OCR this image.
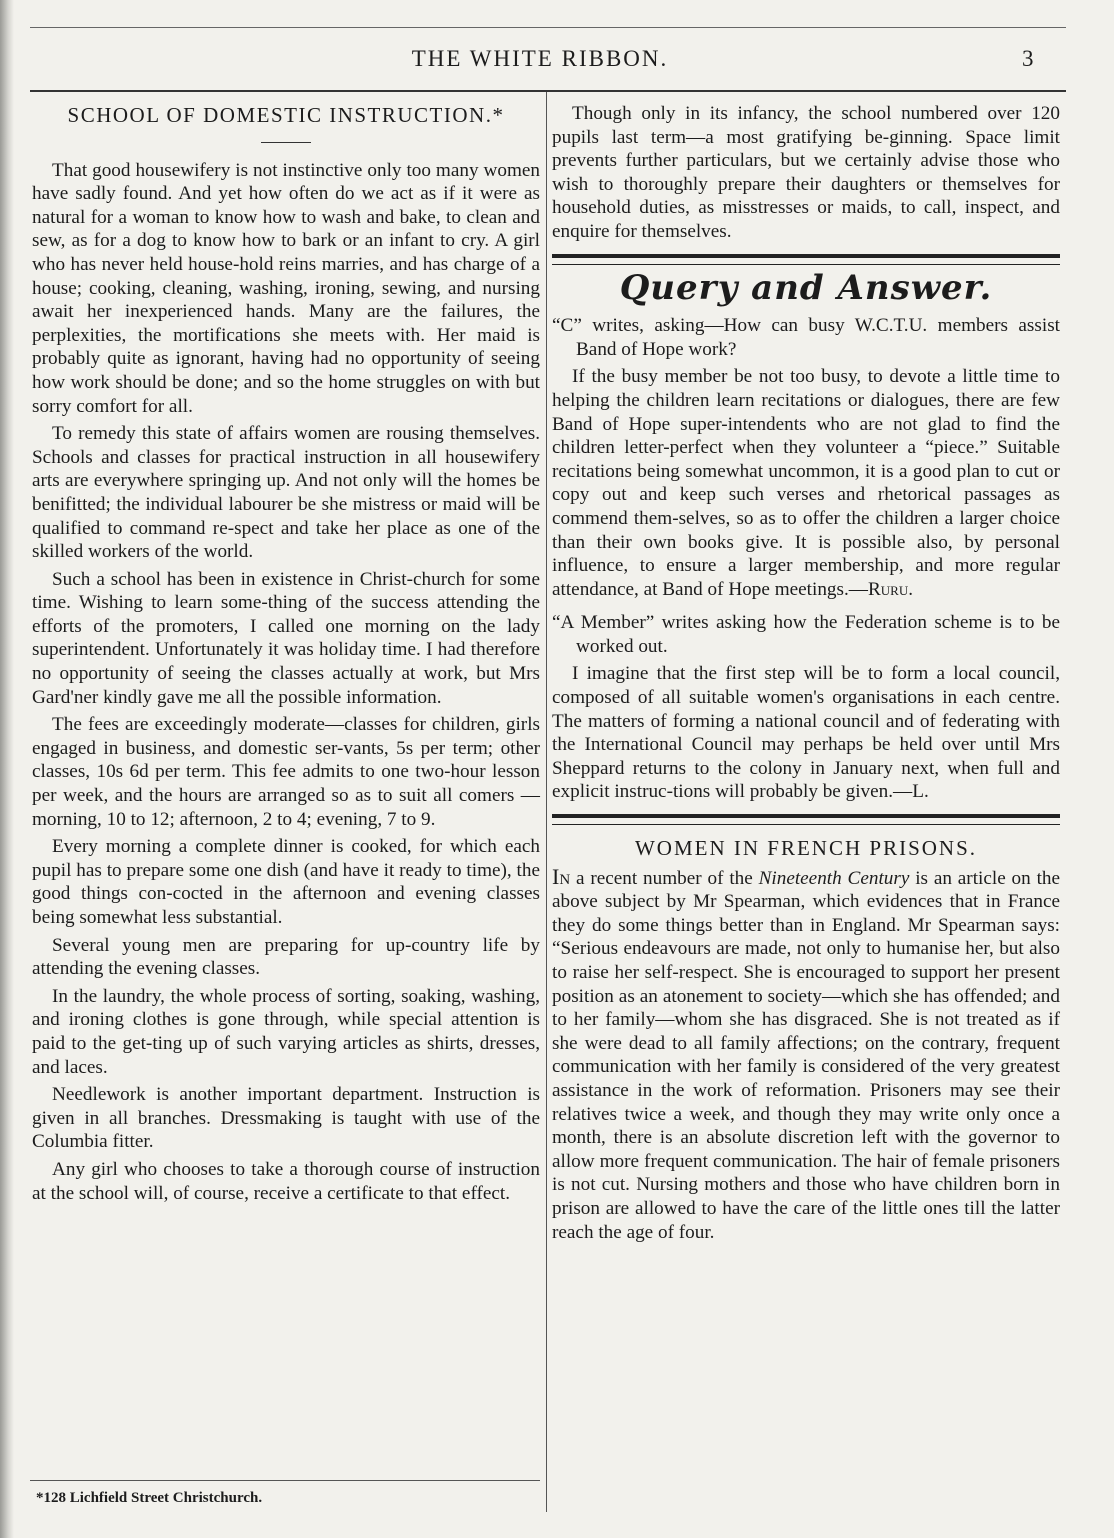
THE WHITE RIBBON.	3
SCHOOL OF DOMESTIC INSTRUCTION.*

That good housewifery is not instinctive only too many women have sadly found. And yet how often do we act as if it were as natural for a woman to know how to wash and bake, to clean and sew, as for a dog to know how to bark or an infant to cry. A girl who has never held house-hold reins marries, and has charge of a house; cooking, cleaning, washing, ironing, sewing, and nursing await her inexperienced hands. Many are the failures, the perplexities, the mortifications she meets with. Her maid is probably quite as ignorant, having had no opportunity of seeing how work should be done; and so the home struggles on with but sorry comfort for all.

To remedy this state of affairs women are rousing themselves. Schools and classes for practical instruction in all housewifery arts are everywhere springing up. And not only will the homes be benifitted; the individual labourer be she mistress or maid will be qualified to command re-spect and take her place as one of the skilled workers of the world.

Such a school has been in existence in Christ-church for some time. Wishing to learn some-thing of the success attending the efforts of the promoters, I called one morning on the lady superintendent. Unfortunately it was holiday time. I had therefore no opportunity of seeing the classes actually at work, but Mrs Gard'ner kindly gave me all the possible information.

The fees are exceedingly moderate—classes for children, girls engaged in business, and domestic ser-vants, 5s per term; other classes, 10s 6d per term. This fee admits to one two-hour lesson per week, and the hours are arranged so as to suit all comers —morning, 10 to 12; afternoon, 2 to 4; evening, 7 to 9.

Every morning a complete dinner is cooked, for which each pupil has to prepare some one dish (and have it ready to time), the good things con-cocted in the afternoon and evening classes being somewhat less substantial.

Several young men are preparing for up-country life by attending the evening classes.

In the laundry, the whole process of sorting, soaking, washing, and ironing clothes is gone through, while special attention is paid to the get-ting up of such varying articles as shirts, dresses, and laces.

Needlework is another important department. Instruction is given in all branches. Dressmaking is taught with use of the Columbia fitter.

Any girl who chooses to take a thorough course of instruction at the school will, of course, receive a certificate to that effect.

*128 Lichfield Street Christchurch.

Though only in its infancy, the school numbered over 120 pupils last term—a most gratifying be-ginning. Space limit prevents further particulars, but we certainly advise those who wish to thoroughly prepare their daughters or themselves for household duties, as misstresses or maids, to call, inspect, and enquire for themselves.

Query and Answer.

“C” writes, asking—How can busy W.C.T.U. members assist Band of Hope work?

If the busy member be not too busy, to devote a little time to helping the children learn recitations or dialogues, there are few Band of Hope super-intendents who are not glad to find the children letter-perfect when they volunteer a “piece.” Suitable recitations being somewhat uncommon, it is a good plan to cut or copy out and keep such verses and rhetorical passages as commend them-selves, so as to offer the children a larger choice than their own books give. It is possible also, by personal influence, to ensure a larger membership, and more regular attendance, at Band of Hope meetings.—Ruru.

“A Member” writes asking how the Federation scheme is to be worked out.

I imagine that the first step will be to form a local council, composed of all suitable women's organisations in each centre. The matters of forming a national council and of federating with the International Council may perhaps be held over until Mrs Sheppard returns to the colony in January next, when full and explicit instruc-tions will probably be given.—L.

WOMEN IN FRENCH PRISONS.

In a recent number of the Nineteenth Century is an article on the above subject by Mr Spearman, which evidences that in France they do some things better than in England. Mr Spearman says: “Serious endeavours are made, not only to humanise her, but also to raise her self-respect. She is encouraged to support her present position as an atonement to society—which she has offended; and to her family—whom she has disgraced. She is not treated as if she were dead to all family affections; on the contrary, frequent communication with her family is considered of the very greatest assistance in the work of reformation. Prisoners may see their relatives twice a week, and though they may write only once a month, there is an absolute discretion left with the governor to allow more frequent communication. The hair of female prisoners is not cut. Nursing mothers and those who have children born in prison are allowed to have the care of the little ones till the latter reach the age of four.
